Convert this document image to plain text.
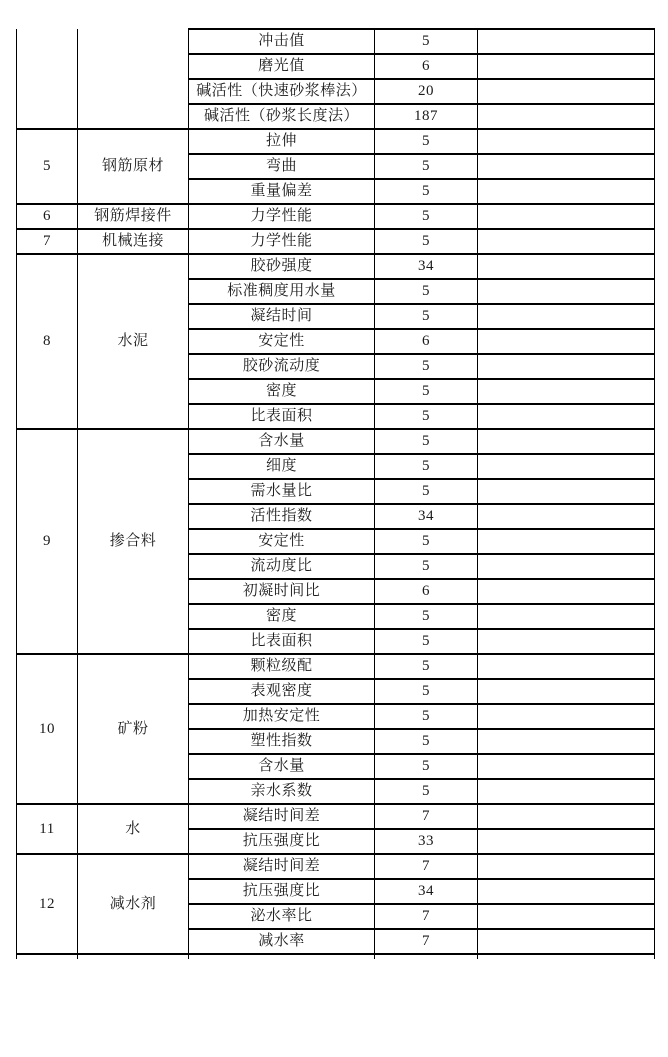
		冲击值	5	
		磨光值	6	
		碱活性（快速砂浆棒法）	20	
		碱活性（砂浆长度法）	187	
5	钢筋原材	拉伸	5	
		弯曲	5	
		重量偏差	5	
6	钢筋焊接件	力学性能	5	
7	机械连接	力学性能	5	
8	水泥	胶砂强度	34	
		标准稠度用水量	5	
		凝结时间	5	
		安定性	6	
		胶砂流动度	5	
		密度	5	
		比表面积	5	
9	掺合料	含水量	5	
		细度	5	
		需水量比	5	
		活性指数	34	
		安定性	5	
		流动度比	5	
		初凝时间比	6	
		密度	5	
		比表面积	5	
10	矿粉	颗粒级配	5	
		表观密度	5	
		加热安定性	5	
		塑性指数	5	
		含水量	5	
		亲水系数	5	
11	水	凝结时间差	7	
		抗压强度比	33	
12	减水剂	凝结时间差	7	
		抗压强度比	34	
		泌水率比	7	
		减水率	7	
